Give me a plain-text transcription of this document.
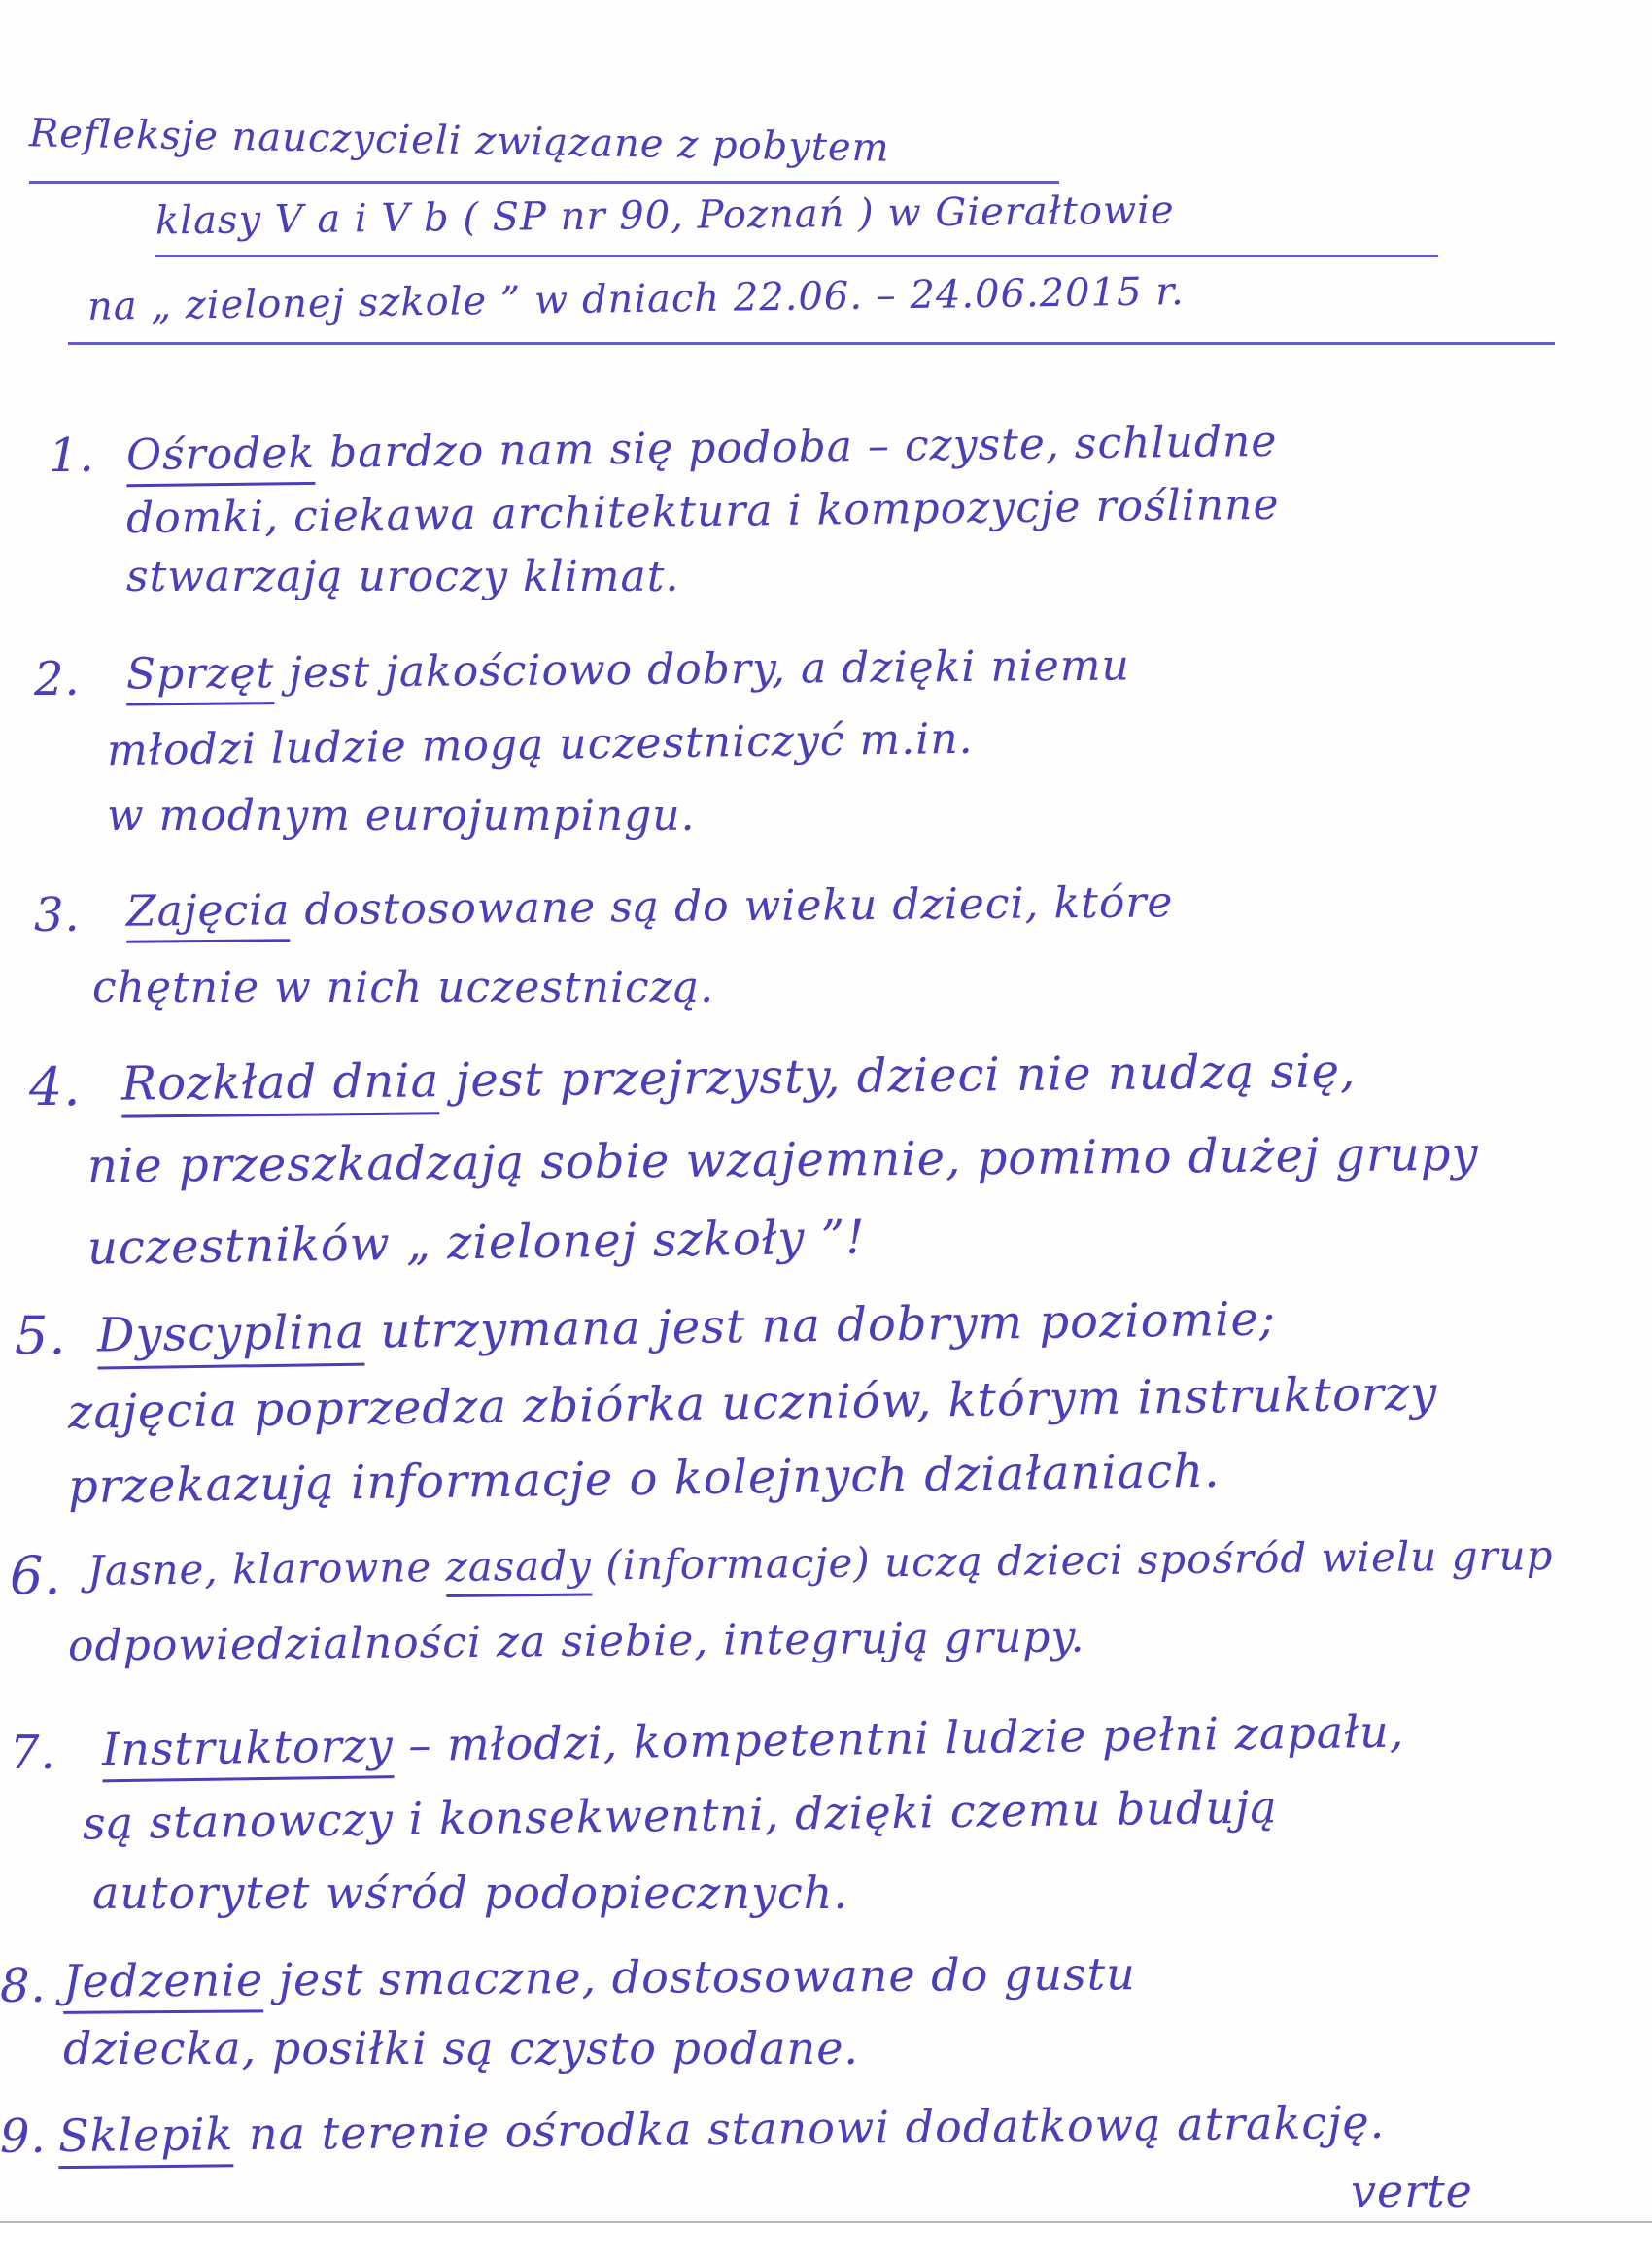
Refleksje nauczycieli związane z pobytem
klasy V a i V b ( SP nr 90, Poznań ) w Gierałtowie
na „ zielonej szkole ” w dniach 22.06. – 24.06.2015 r.
1. Ośrodek bardzo nam się podoba – czyste, schludne
domki, ciekawa architektura i kompozycje roślinne
stwarzają uroczy klimat.
2. Sprzęt jest jakościowo dobry, a dzięki niemu
młodzi ludzie mogą uczestniczyć m.in.
w modnym eurojumpingu.
3. Zajęcia dostosowane są do wieku dzieci, które
chętnie w nich uczestniczą.
4. Rozkład dnia jest przejrzysty, dzieci nie nudzą się,
nie przeszkadzają sobie wzajemnie, pomimo dużej grupy
uczestników „ zielonej szkoły ”!
5. Dyscyplina utrzymana jest na dobrym poziomie;
zajęcia poprzedza zbiórka uczniów, którym instruktorzy
przekazują informacje o kolejnych działaniach.
6. Jasne, klarowne zasady (informacje) uczą dzieci spośród wielu grup
odpowiedzialności za siebie, integrują grupy.
7. Instruktorzy – młodzi, kompetentni ludzie pełni zapału,
są stanowczy i konsekwentni, dzięki czemu budują
autorytet wśród podopiecznych.
8. Jedzenie jest smaczne, dostosowane do gustu
dziecka, posiłki są czysto podane.
9. Sklepik na terenie ośrodka stanowi dodatkową atrakcję.
verte
